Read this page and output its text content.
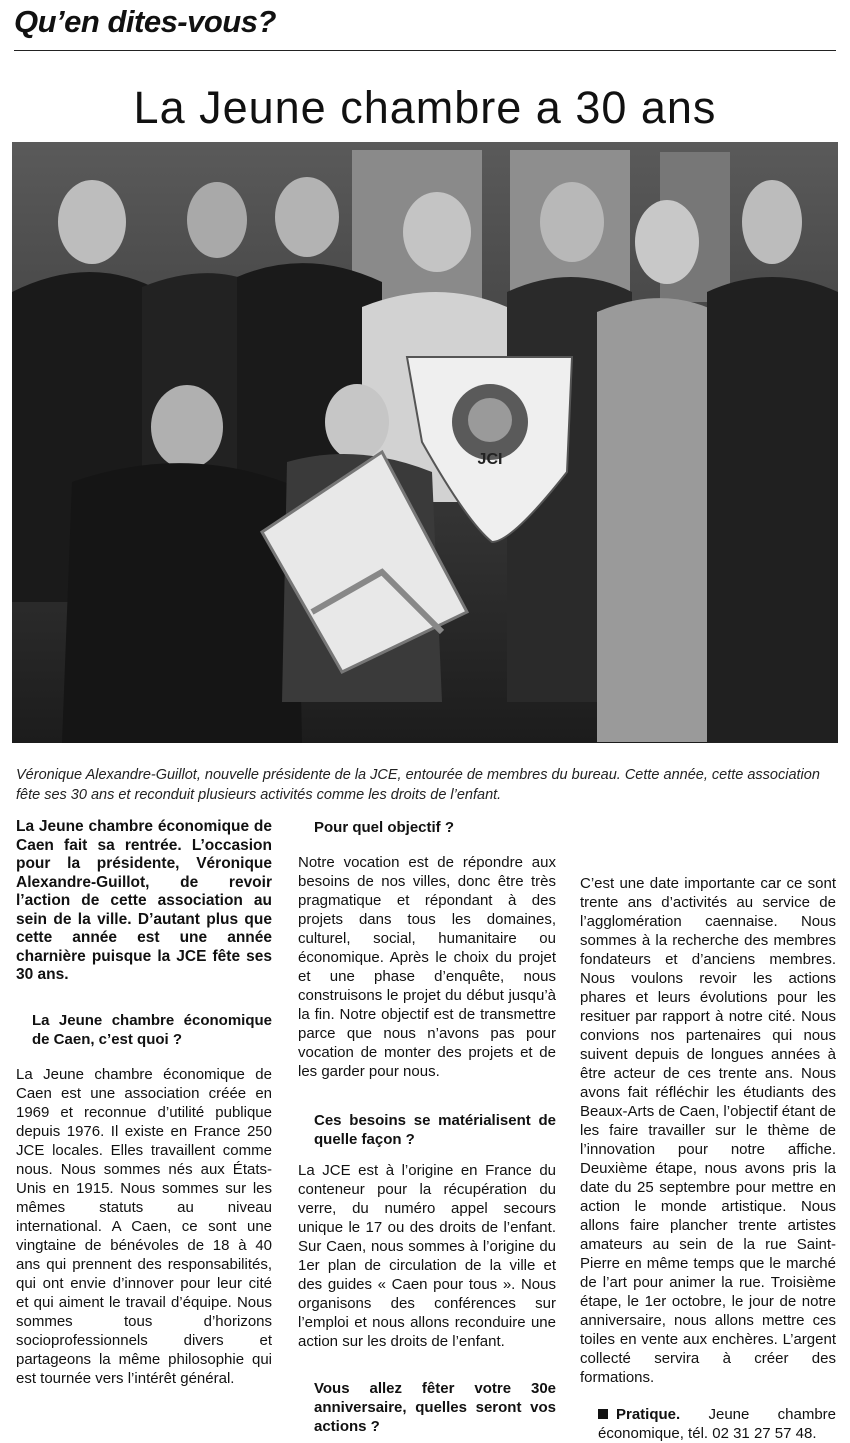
Qu’en dites-vous?
La Jeune chambre a 30 ans
JCI
Véronique Alexandre-Guillot, nouvelle présidente de la JCE, entourée de membres du bureau. Cette année, cette association fête ses 30 ans et reconduit plusieurs activités comme les droits de l’enfant.

La Jeune chambre économique de Caen fait sa rentrée. L’occasion pour la présidente, Véronique Alexandre-Guillot, de revoir l’action de cette association au sein de la ville. D’autant plus que cette année est une année charnière puisque la JCE fête ses 30 ans.

La Jeune chambre économique de Caen, c’est quoi ?

La Jeune chambre économique de Caen est une association créée en 1969 et reconnue d’utilité publique depuis 1976. Il existe en France 250 JCE locales. Elles travaillent comme nous. Nous sommes nés aux États-Unis en 1915. Nous sommes sur les mêmes statuts au niveau international. A Caen, ce sont une vingtaine de bénévoles de 18 à 40 ans qui prennent des responsabilités, qui ont envie d’innover pour leur cité et qui aiment le travail d’équipe. Nous sommes tous d’horizons socioprofessionnels divers et partageons la même philosophie qui est tournée vers l’intérêt général.

Pour quel objectif ?

Notre vocation est de répondre aux besoins de nos villes, donc être très pragmatique et répondant à des projets dans tous les domaines, culturel, social, humanitaire ou économique. Après le choix du projet et une phase d’enquête, nous construisons le projet du début jusqu’à la fin. Notre objectif est de transmettre parce que nous n’avons pas pour vocation de monter des projets et de les garder pour nous.

Ces besoins se matérialisent de quelle façon ?

La JCE est à l’origine en France du conteneur pour la récupération du verre, du numéro appel secours unique le 17 ou des droits de l’enfant. Sur Caen, nous sommes à l’origine du 1er plan de circulation de la ville et des guides « Caen pour tous ». Nous organisons des conférences sur l’emploi et nous allons reconduire une action sur les droits de l’enfant.

Vous allez fêter votre 30e anniversaire, quelles seront vos actions ?

C’est une date importante car ce sont trente ans d’activités au service de l’agglomération caennaise. Nous sommes à la recherche des membres fondateurs et d’anciens membres. Nous voulons revoir les actions phares et leurs évolutions pour les resituer par rapport à notre cité. Nous convions nos partenaires qui nous suivent depuis de longues années à être acteur de ces trente ans. Nous avons fait réfléchir les étudiants des Beaux-Arts de Caen, l’objectif étant de les faire travailler sur le thème de l’innovation pour notre affiche. Deuxième étape, nous avons pris la date du 25 septembre pour mettre en action le monde artistique. Nous allons faire plancher trente artistes amateurs au sein de la rue Saint-Pierre en même temps que le marché de l’art pour animer la rue. Troisième étape, le 1er octobre, le jour de notre anniversaire, nous allons mettre ces toiles en vente aux enchères. L’argent collecté servira à créer des formations.

Pratique. Jeune chambre économique, tél. 02 31 27 57 48.
